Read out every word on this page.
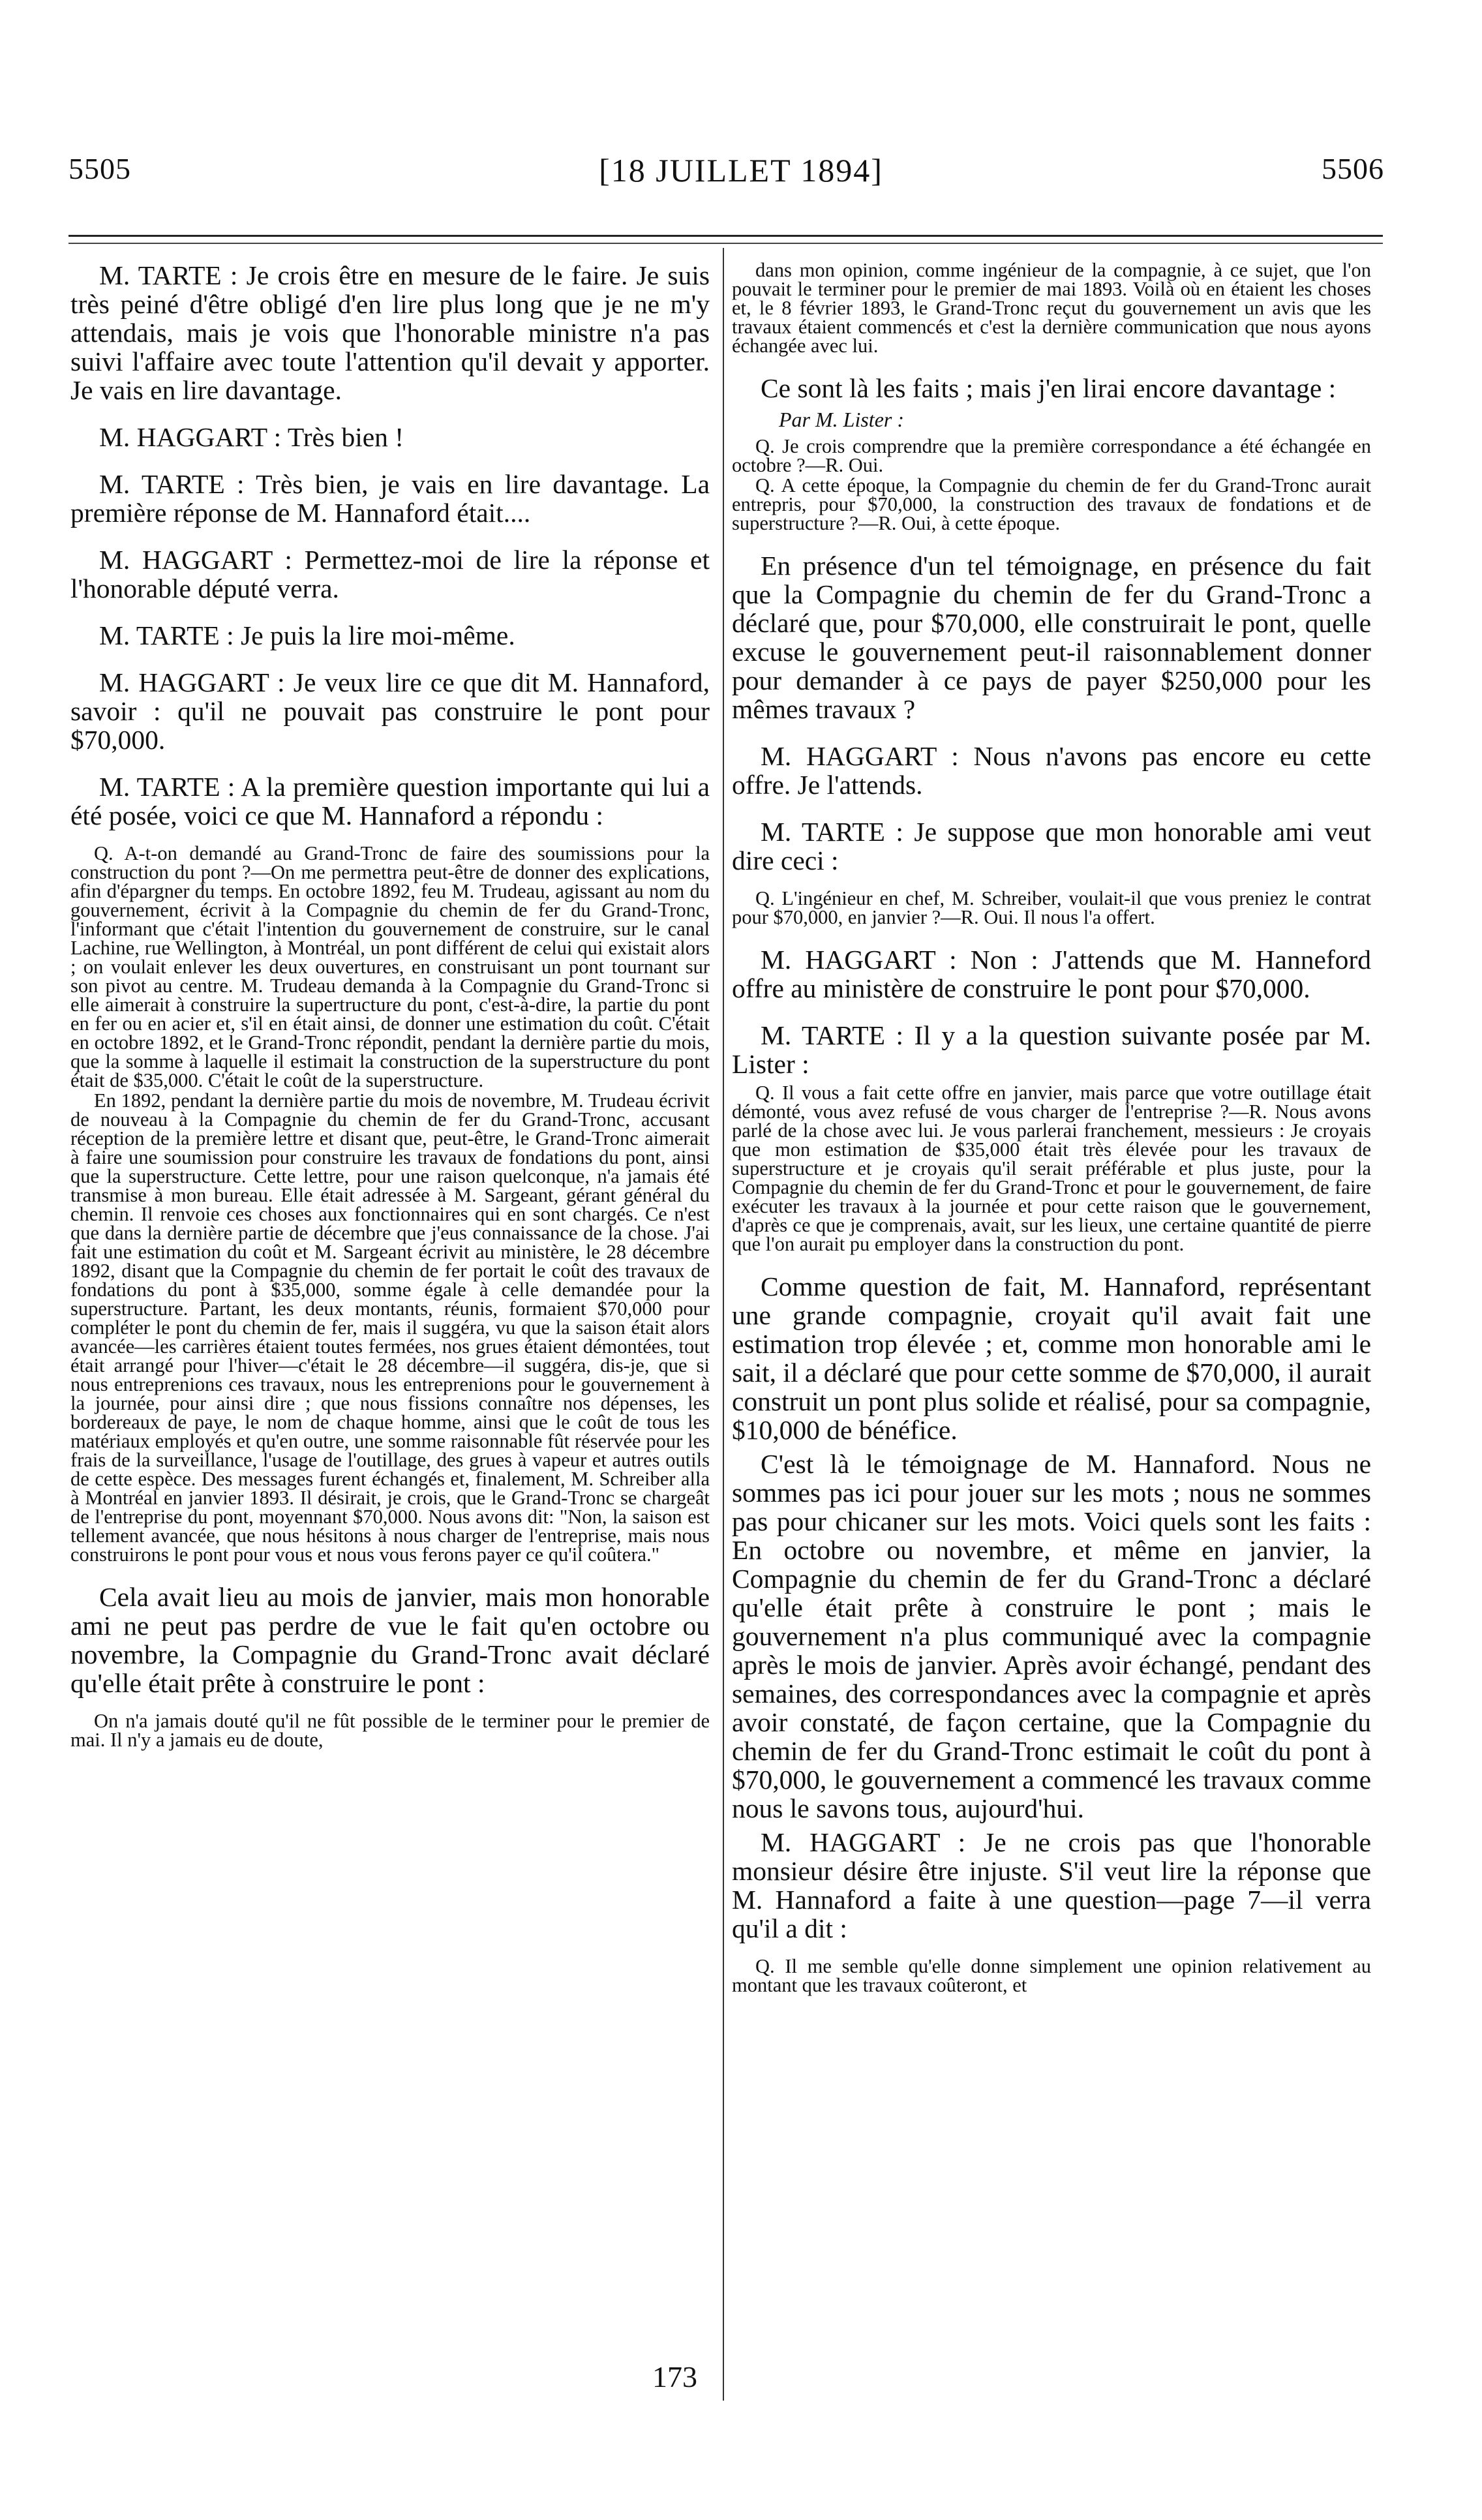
5505	[18 JUILLET 1894]	5506

M. TARTE : Je crois être en mesure de le faire. Je suis très peiné d'être obligé d'en lire plus long que je ne m'y attendais, mais je vois que l'honorable ministre n'a pas suivi l'affaire avec toute l'attention qu'il devait y apporter. Je vais en lire davantage.

M. HAGGART : Très bien !

M. TARTE : Très bien, je vais en lire davantage. La première réponse de M. Hannaford était....

M. HAGGART : Permettez-moi de lire la réponse et l'honorable député verra.

M. TARTE : Je puis la lire moi-même.

M. HAGGART : Je veux lire ce que dit M. Hannaford, savoir : qu'il ne pouvait pas construire le pont pour $70,000.

M. TARTE : A la première question importante qui lui a été posée, voici ce que M. Hannaford a répondu :

Q. A-t-on demandé au Grand-Tronc de faire des soumissions pour la construction du pont ?—On me permettra peut-être de donner des explications, afin d'épargner du temps. En octobre 1892, feu M. Trudeau, agissant au nom du gouvernement, écrivit à la Compagnie du chemin de fer du Grand-Tronc, l'informant que c'était l'intention du gouvernement de construire, sur le canal Lachine, rue Wellington, à Montréal, un pont différent de celui qui existait alors ; on voulait enlever les deux ouvertures, en construisant un pont tournant sur son pivot au centre. M. Trudeau demanda à la Compagnie du Grand-Tronc si elle aimerait à construire la supertructure du pont, c'est-à-dire, la partie du pont en fer ou en acier et, s'il en était ainsi, de donner une estimation du coût. C'était en octobre 1892, et le Grand-Tronc répondit, pendant la dernière partie du mois, que la somme à laquelle il estimait la construction de la superstructure du pont était de $35,000. C'était le coût de la superstructure.

En 1892, pendant la dernière partie du mois de novembre, M. Trudeau écrivit de nouveau à la Compagnie du chemin de fer du Grand-Tronc, accusant réception de la première lettre et disant que, peut-être, le Grand-Tronc aimerait à faire une soumission pour construire les travaux de fondations du pont, ainsi que la superstructure. Cette lettre, pour une raison quelconque, n'a jamais été transmise à mon bureau. Elle était adressée à M. Sargeant, gérant général du chemin. Il renvoie ces choses aux fonctionnaires qui en sont chargés. Ce n'est que dans la dernière partie de décembre que j'eus connaissance de la chose. J'ai fait une estimation du coût et M. Sargeant écrivit au ministère, le 28 décembre 1892, disant que la Compagnie du chemin de fer portait le coût des travaux de fondations du pont à $35,000, somme égale à celle demandée pour la superstructure. Partant, les deux montants, réunis, formaient $70,000 pour compléter le pont du chemin de fer, mais il suggéra, vu que la saison était alors avancée—les carrières étaient toutes fermées, nos grues étaient démontées, tout était arrangé pour l'hiver—c'était le 28 décembre—il suggéra, dis-je, que si nous entreprenions ces travaux, nous les entreprenions pour le gouvernement à la journée, pour ainsi dire ; que nous fissions connaître nos dépenses, les bordereaux de paye, le nom de chaque homme, ainsi que le coût de tous les matériaux employés et qu'en outre, une somme raisonnable fût réservée pour les frais de la surveillance, l'usage de l'outillage, des grues à vapeur et autres outils de cette espèce. Des messages furent échangés et, finalement, M. Schreiber alla à Montréal en janvier 1893. Il désirait, je crois, que le Grand-Tronc se chargeât de l'entreprise du pont, moyennant $70,000. Nous avons dit: "Non, la saison est tellement avancée, que nous hésitons à nous charger de l'entreprise, mais nous construirons le pont pour vous et nous vous ferons payer ce qu'il coûtera."

Cela avait lieu au mois de janvier, mais mon honorable ami ne peut pas perdre de vue le fait qu'en octobre ou novembre, la Compagnie du Grand-Tronc avait déclaré qu'elle était prête à construire le pont :

On n'a jamais douté qu'il ne fût possible de le terminer pour le premier de mai. Il n'y a jamais eu de doute,

dans mon opinion, comme ingénieur de la compagnie, à ce sujet, que l'on pouvait le terminer pour le premier de mai 1893. Voilà où en étaient les choses et, le 8 février 1893, le Grand-Tronc reçut du gouvernement un avis que les travaux étaient commencés et c'est la dernière communication que nous ayons échangée avec lui.

Ce sont là les faits ; mais j'en lirai encore davantage :

Par M. Lister :

Q. Je crois comprendre que la première correspondance a été échangée en octobre ?—R. Oui.

Q. A cette époque, la Compagnie du chemin de fer du Grand-Tronc aurait entrepris, pour $70,000, la construction des travaux de fondations et de superstructure ?—R. Oui, à cette époque.

En présence d'un tel témoignage, en présence du fait que la Compagnie du chemin de fer du Grand-Tronc a déclaré que, pour $70,000, elle construirait le pont, quelle excuse le gouvernement peut-il raisonnablement donner pour demander à ce pays de payer $250,000 pour les mêmes travaux ?

M. HAGGART : Nous n'avons pas encore eu cette offre. Je l'attends.

M. TARTE : Je suppose que mon honorable ami veut dire ceci :

Q. L'ingénieur en chef, M. Schreiber, voulait-il que vous preniez le contrat pour $70,000, en janvier ?—R. Oui. Il nous l'a offert.

M. HAGGART : Non : J'attends que M. Hanneford offre au ministère de construire le pont pour $70,000.

M. TARTE : Il y a la question suivante posée par M. Lister :

Q. Il vous a fait cette offre en janvier, mais parce que votre outillage était démonté, vous avez refusé de vous charger de l'entreprise ?—R. Nous avons parlé de la chose avec lui. Je vous parlerai franchement, messieurs : Je croyais que mon estimation de $35,000 était très élevée pour les travaux de superstructure et je croyais qu'il serait préférable et plus juste, pour la Compagnie du chemin de fer du Grand-Tronc et pour le gouvernement, de faire exécuter les travaux à la journée et pour cette raison que le gouvernement, d'après ce que je comprenais, avait, sur les lieux, une certaine quantité de pierre que l'on aurait pu employer dans la construction du pont.

Comme question de fait, M. Hannaford, représentant une grande compagnie, croyait qu'il avait fait une estimation trop élevée ; et, comme mon honorable ami le sait, il a déclaré que pour cette somme de $70,000, il aurait construit un pont plus solide et réalisé, pour sa compagnie, $10,000 de bénéfice.

C'est là le témoignage de M. Hannaford. Nous ne sommes pas ici pour jouer sur les mots ; nous ne sommes pas pour chicaner sur les mots. Voici quels sont les faits : En octobre ou novembre, et même en janvier, la Compagnie du chemin de fer du Grand-Tronc a déclaré qu'elle était prête à construire le pont ; mais le gouvernement n'a plus communiqué avec la compagnie après le mois de janvier. Après avoir échangé, pendant des semaines, des correspondances avec la compagnie et après avoir constaté, de façon certaine, que la Compagnie du chemin de fer du Grand-Tronc estimait le coût du pont à $70,000, le gouvernement a commencé les travaux comme nous le savons tous, aujourd'hui.

M. HAGGART : Je ne crois pas que l'honorable monsieur désire être injuste. S'il veut lire la réponse que M. Hannaford a faite à une question—page 7—il verra qu'il a dit :

Q. Il me semble qu'elle donne simplement une opinion relativement au montant que les travaux coûteront, et

173
